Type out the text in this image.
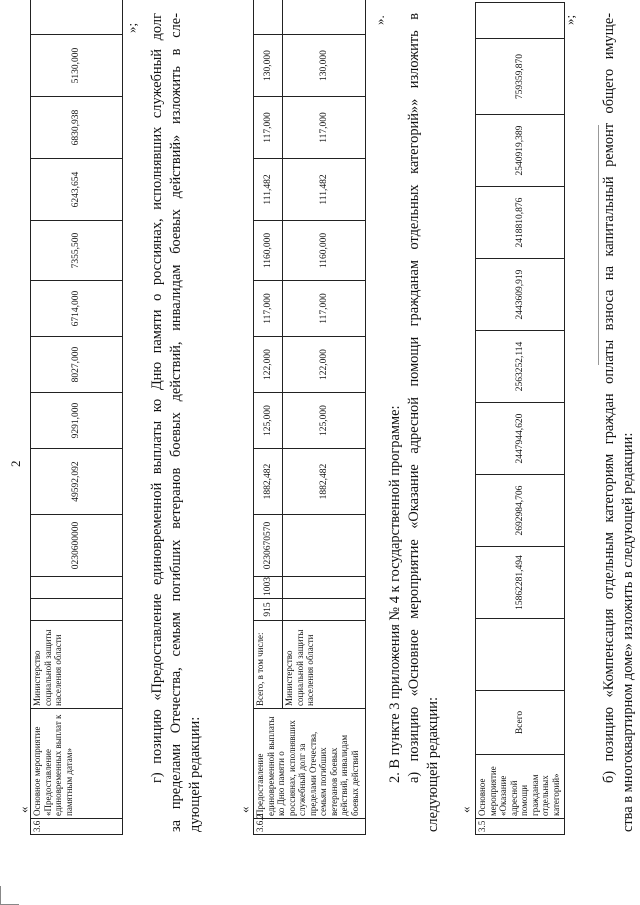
2
«
3.6	Основное мероприятие «Предоставление единовременных выплат к памятным датам»	Министерство социальной защиты населения области			0230600000	49592,092	9291,000	8027,000	6714,000	7355,500	6243,654	6830,938	5130,000	
»; г) позицию «Предоставление единовременной выплаты ко Дню памяти о россиянах, исполнявших служебный долг за пределами Отечества, семьям погибших ветеранов боевых действий, инвалидам боевых действий» изложить в сле- дующей редакции:	«
3.6.2	Предоставление единовременной выплаты ко Дню памяти о россиянах, исполнявших служебный долг за пределами Отечества, семьям погибших ветеранов боевых действий, инвалидам боевых действий	Всего, в том числе:	915	1003	0230670570	1882,482	125,000	122,000	117,000	1160,000	111,482	117,000	130,000	
		Министерство социальной защиты населения области				1882,482	125,000	122,000	117,000	1160,000	111,482	117,000	130,000	
».
2. В пункте 3 приложения № 4 к государственной программе: а) позицию «Основное мероприятие «Оказание адресной помощи гражданам отдельных категорий»» изложить в следующей редакции: «
3.5	Основное мероприятие «Оказание адресной помощи гражданам отдельных категорий»	Всего		15862281,494	2692984,706	2447944,620	2563252,114	2443609,919	2418810,876	2540919,389	759359,870	
»; б) позицию «Компенсация отдельным категориям граждан оплаты взноса на капитальный ремонт общего имуще- ства в многоквартирном доме» изложить в следующей редакции:
